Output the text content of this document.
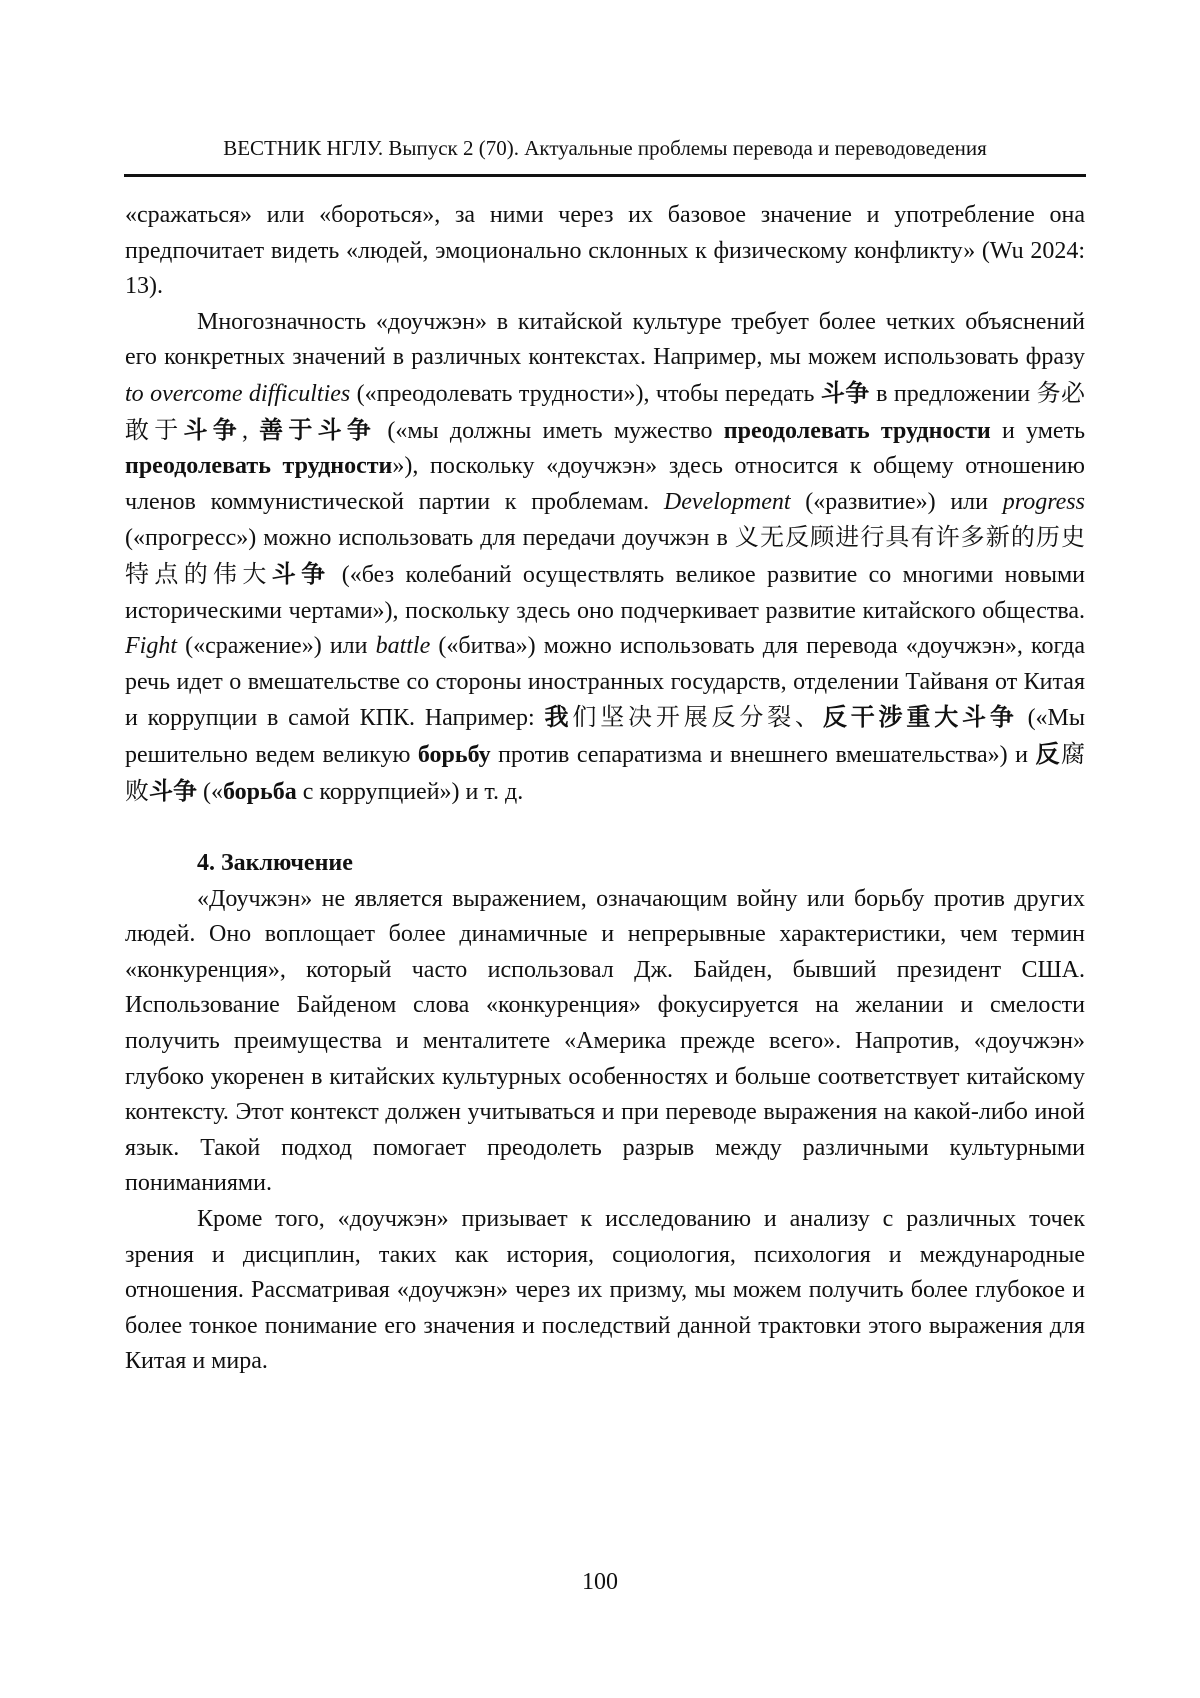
ВЕСТНИК НГЛУ. Выпуск 2 (70). Актуальные проблемы перевода и переводоведения

«сражаться» или «бороться», за ними через их базовое значение и употребление она предпочитает видеть «людей, эмоционально склонных к физическому конфликту» (Wu 2024: 13).

Многозначность «доучжэн» в китайской культуре требует более четких объяснений его конкретных значений в различных контекстах. Например, мы можем использовать фразу to overcome difficulties («преодолевать трудности»), чтобы передать 斗争 в предложении 务必敢于斗争, 善于斗争 («мы должны иметь мужество преодолевать трудности и уметь преодолевать трудности»), поскольку «доучжэн» здесь относится к общему отношению членов коммунистической партии к проблемам. Development («развитие») или progress («прогресс») можно использовать для передачи доучжэн в 义无反顾进行具有许多新的历史特点的伟大斗争 («без колебаний осуществлять великое развитие со многими новыми историческими чертами»), поскольку здесь оно подчеркивает развитие китайского общества. Fight («сражение») или battle («битва») можно использовать для перевода «доучжэн», когда речь идет о вмешательстве со стороны иностранных государств, отделении Тайваня от Китая и коррупции в самой КПК. Например: 我们坚决开展反分裂、反干涉重大斗争 («Мы решительно ведем великую борьбу против сепаратизма и внешнего вмешательства») и 反腐败斗争 («борьба с коррупцией») и т. д.

4. Заключение

«Доучжэн» не является выражением, означающим войну или борьбу против других людей. Оно воплощает более динамичные и непрерывные характеристики, чем термин «конкуренция», который часто использовал Дж. Байден, бывший президент США. Использование Байденом слова «конкуренция» фокусируется на желании и смелости получить преимущества и менталитете «Америка прежде всего». Напротив, «доучжэн» глубоко укоренен в китайских культурных особенностях и больше соответствует китайскому контексту. Этот контекст должен учитываться и при переводе выражения на какой-либо иной язык. Такой подход помогает преодолеть разрыв между различными культурными пониманиями.

Кроме того, «доучжэн» призывает к исследованию и анализу с различных точек зрения и дисциплин, таких как история, социология, психология и международные отношения. Рассматривая «доучжэн» через их призму, мы можем получить более глубокое и более тонкое понимание его значения и последствий данной трактовки этого выражения для Китая и мира.

100
